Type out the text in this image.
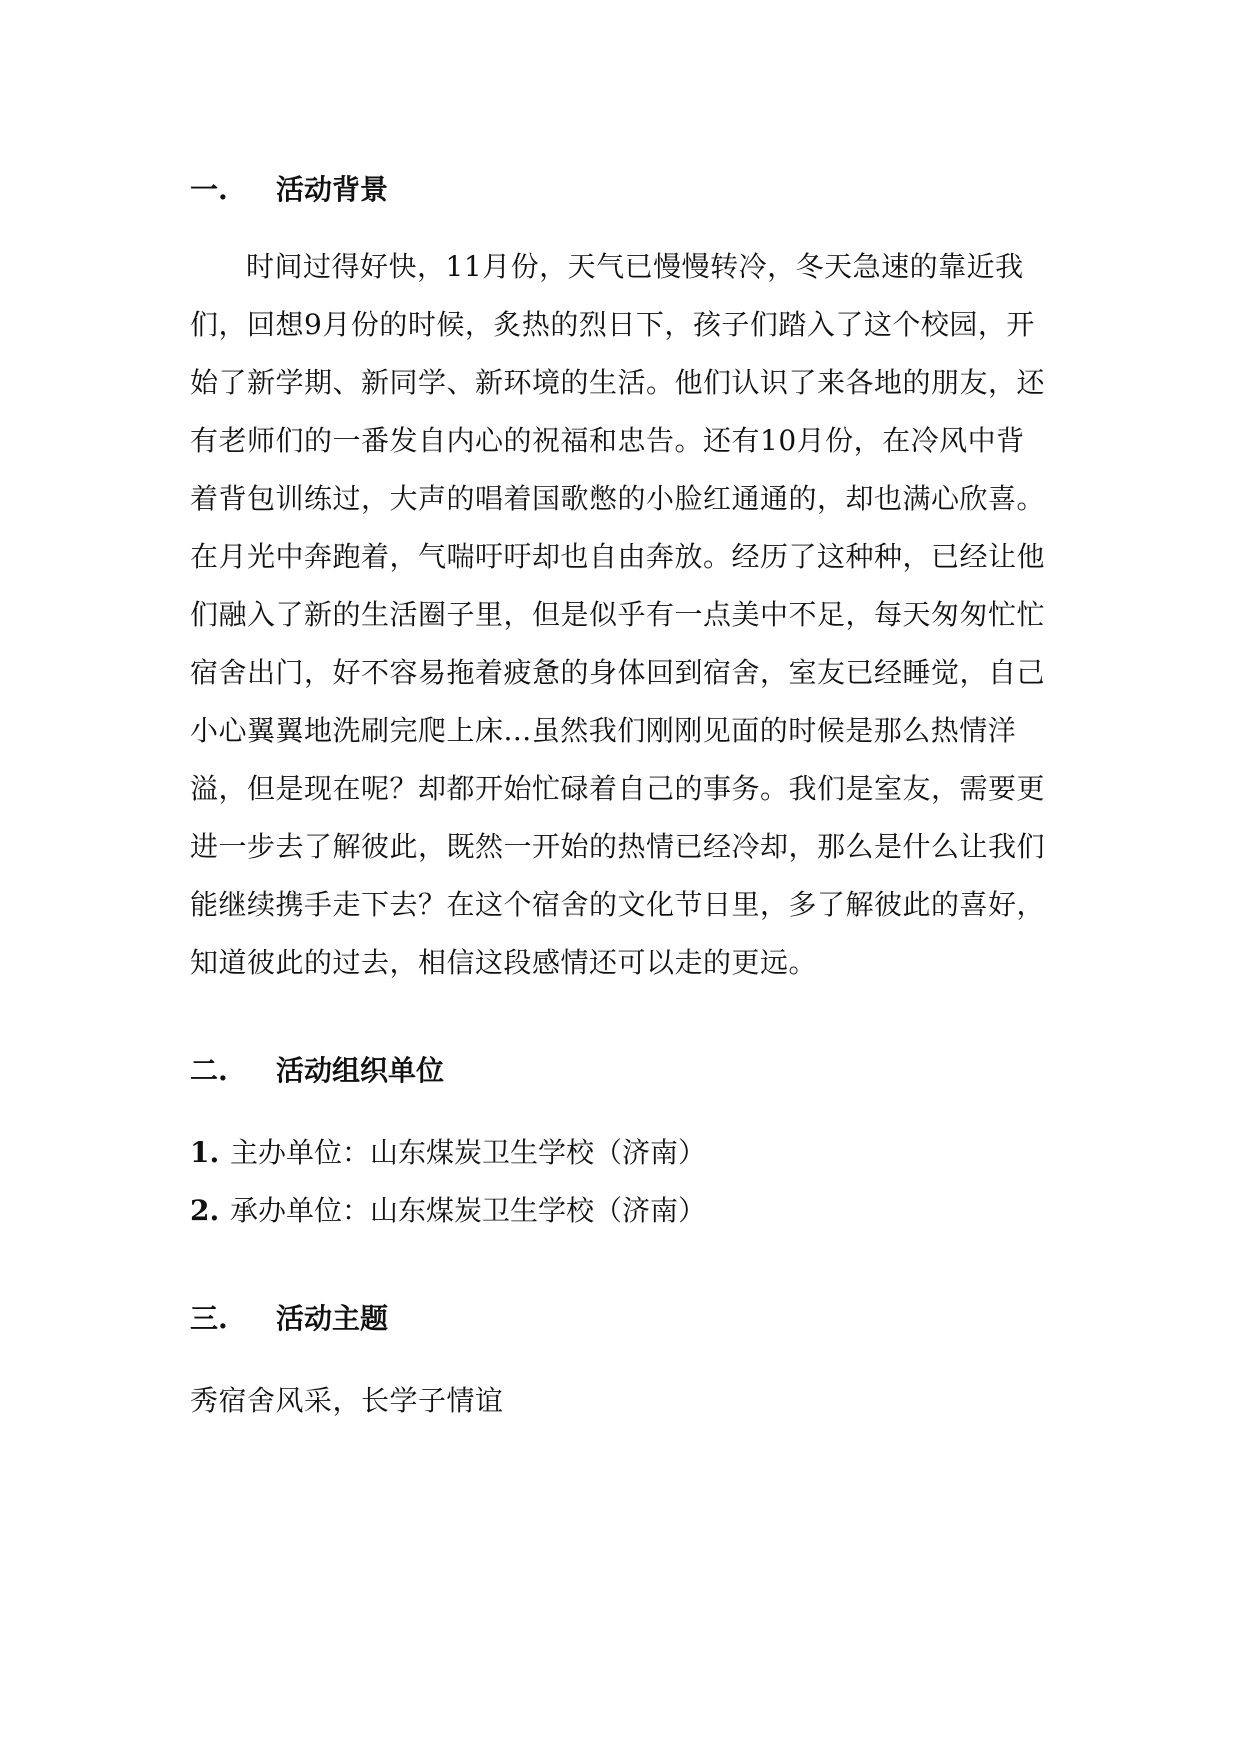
一. 活动背景
时间过得好快，11月份，天气已慢慢转冷，冬天急速的靠近我
们，回想9月份的时候，炙热的烈日下，孩子们踏入了这个校园，开
始了新学期、新同学、新环境的生活。他们认识了来各地的朋友，还
有老师们的一番发自内心的祝福和忠告。还有10月份，在冷风中背
着背包训练过，大声的唱着国歌憋的小脸红通通的，却也满心欣喜。
在月光中奔跑着，气喘吁吁却也自由奔放。经历了这种种，已经让他
们融入了新的生活圈子里，但是似乎有一点美中不足，每天匆匆忙忙
宿舍出门，好不容易拖着疲惫的身体回到宿舍，室友已经睡觉，自己
小心翼翼地洗刷完爬上床...虽然我们刚刚见面的时候是那么热情洋
溢，但是现在呢？却都开始忙碌着自己的事务。我们是室友，需要更
进一步去了解彼此，既然一开始的热情已经冷却，那么是什么让我们
能继续携手走下去？在这个宿舍的文化节日里，多了解彼此的喜好，
知道彼此的过去，相信这段感情还可以走的更远。
二. 活动组织单位
1. 主办单位：山东煤炭卫生学校（济南）
2. 承办单位：山东煤炭卫生学校（济南）
三. 活动主题
秀宿舍风采，长学子情谊
